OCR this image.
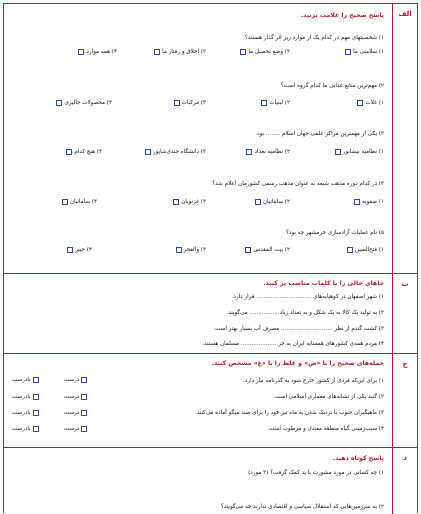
الف
پاسخ صحیح را علامت بزنید.
۱) شخصیتهای مهم در کدام یک از موارد زیر اثر گذار هستند؟
۱) سلامتی ما
۲) وضع تحصیل ما
۳) اخلاق و رفتار ما
۴) همه موارد
۲) مهم‌ترین منابع غذایی ما کدام گروه است؟
۱) غلات
۲) لبنیات
۳) مرکبات
۴) محصولات جالیزی
۳) یکی از مهمترین مراکز علمی جهان اسلام ........ بود.
۱) نظامیه نیشابور
۲) نظامیه بغداد
۳) دانشگاه جندی‌شاپور
۴) هیچ کدام
۴) در کدام دوره مذهب شیعه به عنوان مذهب رسمی کشورمان اعلام شد؟
۱) صفویه
۲) سامانیان
۳) غزنویان
۴) سامانیان
۵) نام عملیات آزادسازی خرمشهر چه بود؟
۱) فتح‌المبین
۲) بیت المقدس
۳) والفجر
۴) خیبر
ب
جاهای خالی را با کلمات مناسب پر کنید.
۱) شهر اصفهان در کوهپایه‌های ............................... قرار دارد.
۲) به تولید یک کالا به یک شکل و به تعداد زیاد................. می‌گویند.
۳) کشت گندم از نظر ............................. مصرف آب بسیار بهتر است.
۴) مردم همه‌ی کشورهای همسایه ایران به جز .................... مسلمان هستند.
ج
جمله‌های صحیح را با «ص» و غلط را با «غ» مشخص کنید.
۱) برای این‌که فردی از کشور خارج شود به گذرنامه نیاز دارد.
نادرست	درست
۲) گنبد یکی از نشانه‌های معماری اسلامی است.
نادرست	درست
۳) ماهیگیران جنوب با نزدیک شدن به ماه تیر خود را برای صید میگو آماده می‌کنند.
نادرست	درست
۴) سیب‌زمینی گیاه منطقه معتدل و مرطوب است.
نادرست	درست
د
پاسخ کوتاه دهید.
۱) چه کسانی در مورد مشورت با ید کمک گرفت؟ (۳ مورد)
۲) به سرزمین‌هایی که استقلال سیاسی و اقتصادی ندارند چه می‌گویند؟
